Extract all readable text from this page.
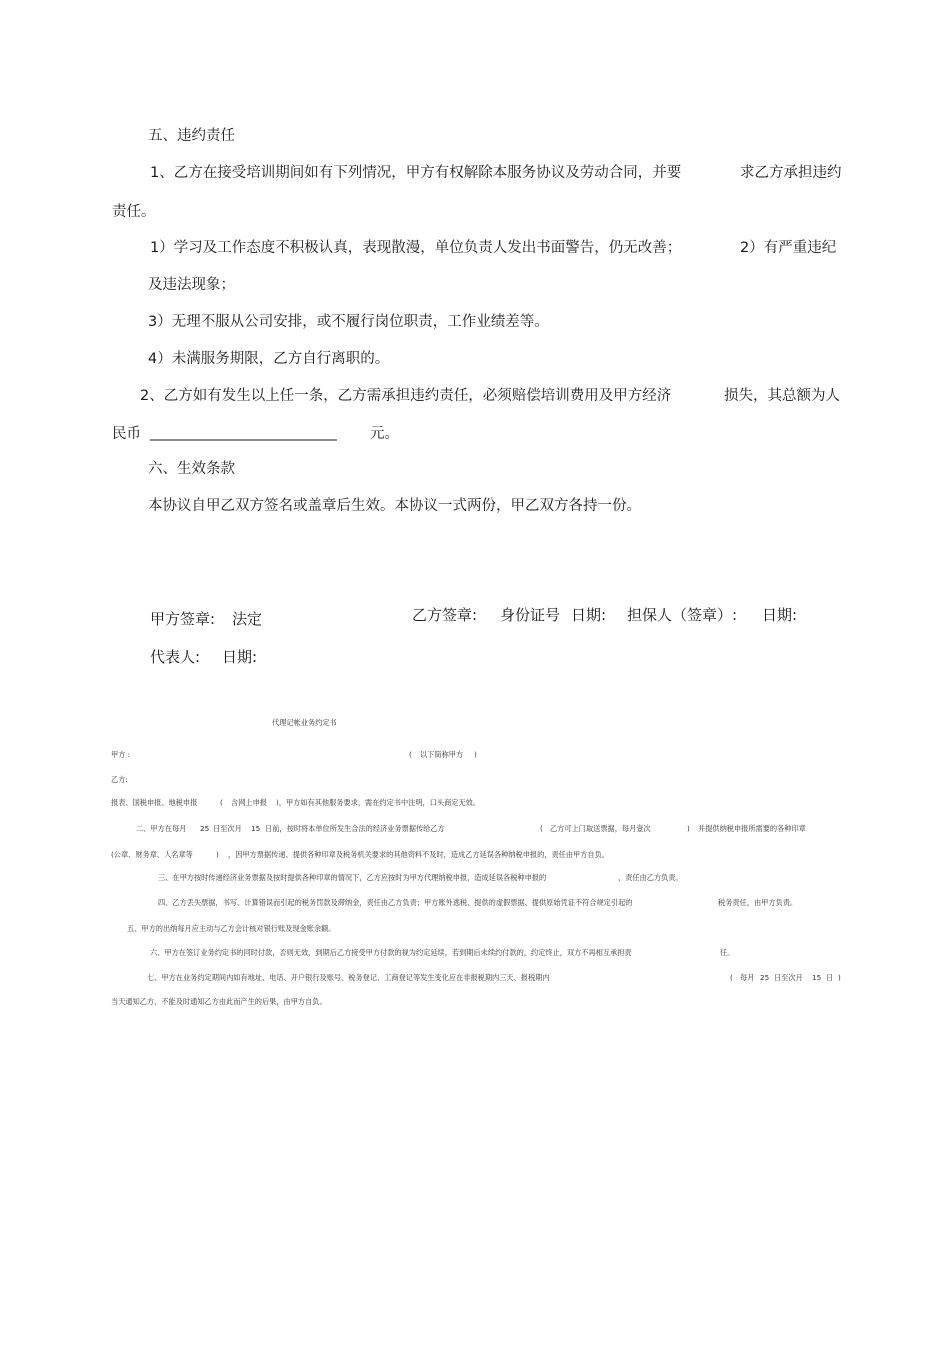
五、违约责任

1、乙方在接受培训期间如有下列情况，甲方有权解除本服务协议及劳动合同，并要	求乙方承担违约

责任。

1）学习及工作态度不积极认真，表现散漫，单位负责人发出书面警告，仍无改善；	2）有严重违纪

及违法现象；

3）无理不服从公司安排，或不履行岗位职责，工作业绩差等。

4）未满服务期限，乙方自行离职的。

2、乙方如有发生以上任一条，乙方需承担违约责任，必须赔偿培训费用及甲方经济	损失，其总额为人

民币 ____________________________ 元。

六、生效条款

本协议自甲乙双方签名或盖章后生效。本协议一式两份，甲乙双方各持一份。

甲方签章: 法定	乙方签章: 身份证号 日期: 担保人（签章）: 日期:

代表人: 日期:

代理记帐业务约定书

甲方 :	( 以下简称甲方 )

乙方:

报表、国税申报、地税申报	( 含网上申报 )，甲方如有其他服务要求，需在约定书中注明，口头商定无效。

二、甲方在每月 25 日至次月 15 日前，按时将本单位所发生合法的经济业务票据传给乙方	( 乙方可上门取送票据，每月壹次	) 并提供纳税申报所需要的各种印章

(公章、财务章、人名章等	) ，因甲方票据传递、提供各种印章及税务机关要求的其他资料不及时，造成乙方延误各种纳税申报的，责任由甲方自负。

三、在甲方按时传递经济业务票据及按时提供各种印章的情况下，乙方应按时为甲方代理纳税申报，造成延误各税种申报的	，责任由乙方负责。

四、乙方丢失票据，书写、计算错误而引起的税务罚款及滞纳金，责任由乙方负责；甲方账外逃税、提供的虚假票据、提供原始凭证不符合规定引起的	税务责任，由甲方负责。

五、甲方的出纳每月应主动与乙方会计核对银行账及现金账余额。

六、甲方在签订业务约定书的同时付款，否则无效，到期后乙方接受甲方付款的视为约定延续，若到期后未续约付款的，约定终止，双方不再相互承担责	任。

七、甲方在业务约定期间内如有地址、电话、开户银行及账号、税务登记、工商登记等发生变化应在非报税期内三天、报税期内	( 每月 25 日至次月 15 日 )

当天通知乙方，不能及时通知乙方由此而产生的后果，由甲方自负。
